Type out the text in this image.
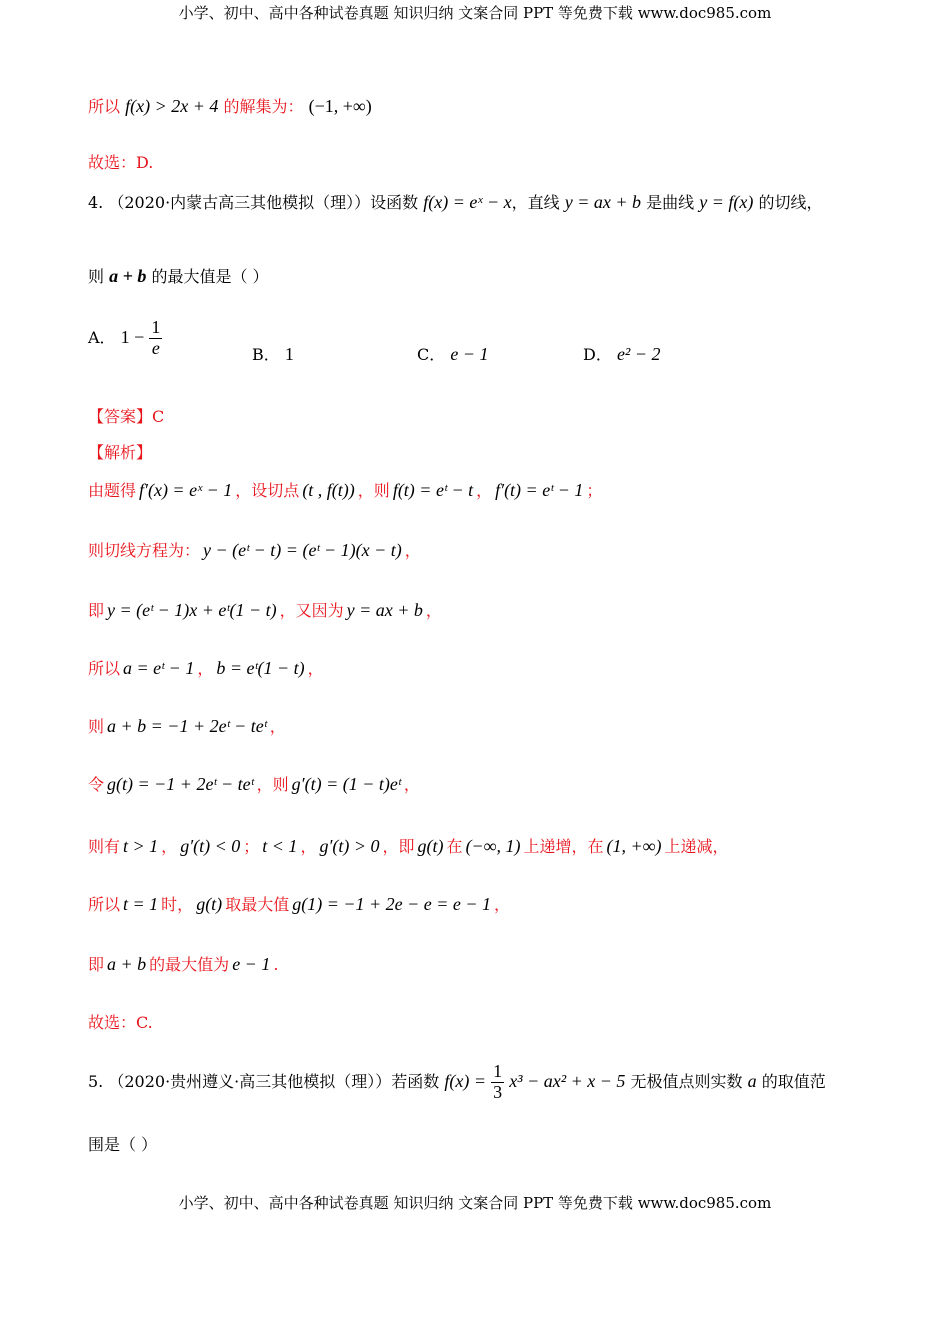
小学、初中、高中各种试卷真题 知识归纳 文案合同 PPT 等免费下载 www.doc985.com
所以 f(x) > 2x + 4 的解集为： (−1, +∞)
故选：D.
4. （2020·内蒙古高三其他模拟（理））设函数 f(x) = eˣ − x，直线 y = ax + b 是曲线 y = f(x) 的切线，
则 a + b 的最大值是（ ）
A． $1 - \frac{1}{e}$	B． 1	C． e − 1	D． e² − 2
【答案】C
【解析】
由题得 f′(x) = eˣ − 1 ，设切点 (t , f(t)) ，则 f(t) = eᵗ − t ， f′(t) = eᵗ − 1 ；
则切线方程为： y − (eᵗ − t) = (eᵗ − 1)(x − t) ，
即 y = (eᵗ − 1)x + eᵗ(1 − t) ，又因为 y = ax + b ，
所以 a = eᵗ − 1 ， b = eᵗ(1 − t) ，
则 a + b = −1 + 2eᵗ − teᵗ ，
令 g(t) = −1 + 2eᵗ − teᵗ ，则 g′(t) = (1 − t)eᵗ ，
则有 t > 1 ， g′(t) < 0 ； t < 1 ， g′(t) > 0 ，即 g(t) 在 (−∞, 1) 上递增，在 (1, +∞) 上递减，
所以 t = 1 时， g(t) 取最大值 g(1) = −1 + 2e − e = e − 1 ，
即 a + b 的最大值为 e − 1 .
故选：C.
5. （2020·贵州遵义·高三其他模拟（理））若函数 $f(x) = \frac{1}{3} x^3 - ax^2 + x - 5$ 无极值点则实数 a 的取值范
围是（ ）
小学、初中、高中各种试卷真题 知识归纳 文案合同 PPT 等免费下载 www.doc985.com
